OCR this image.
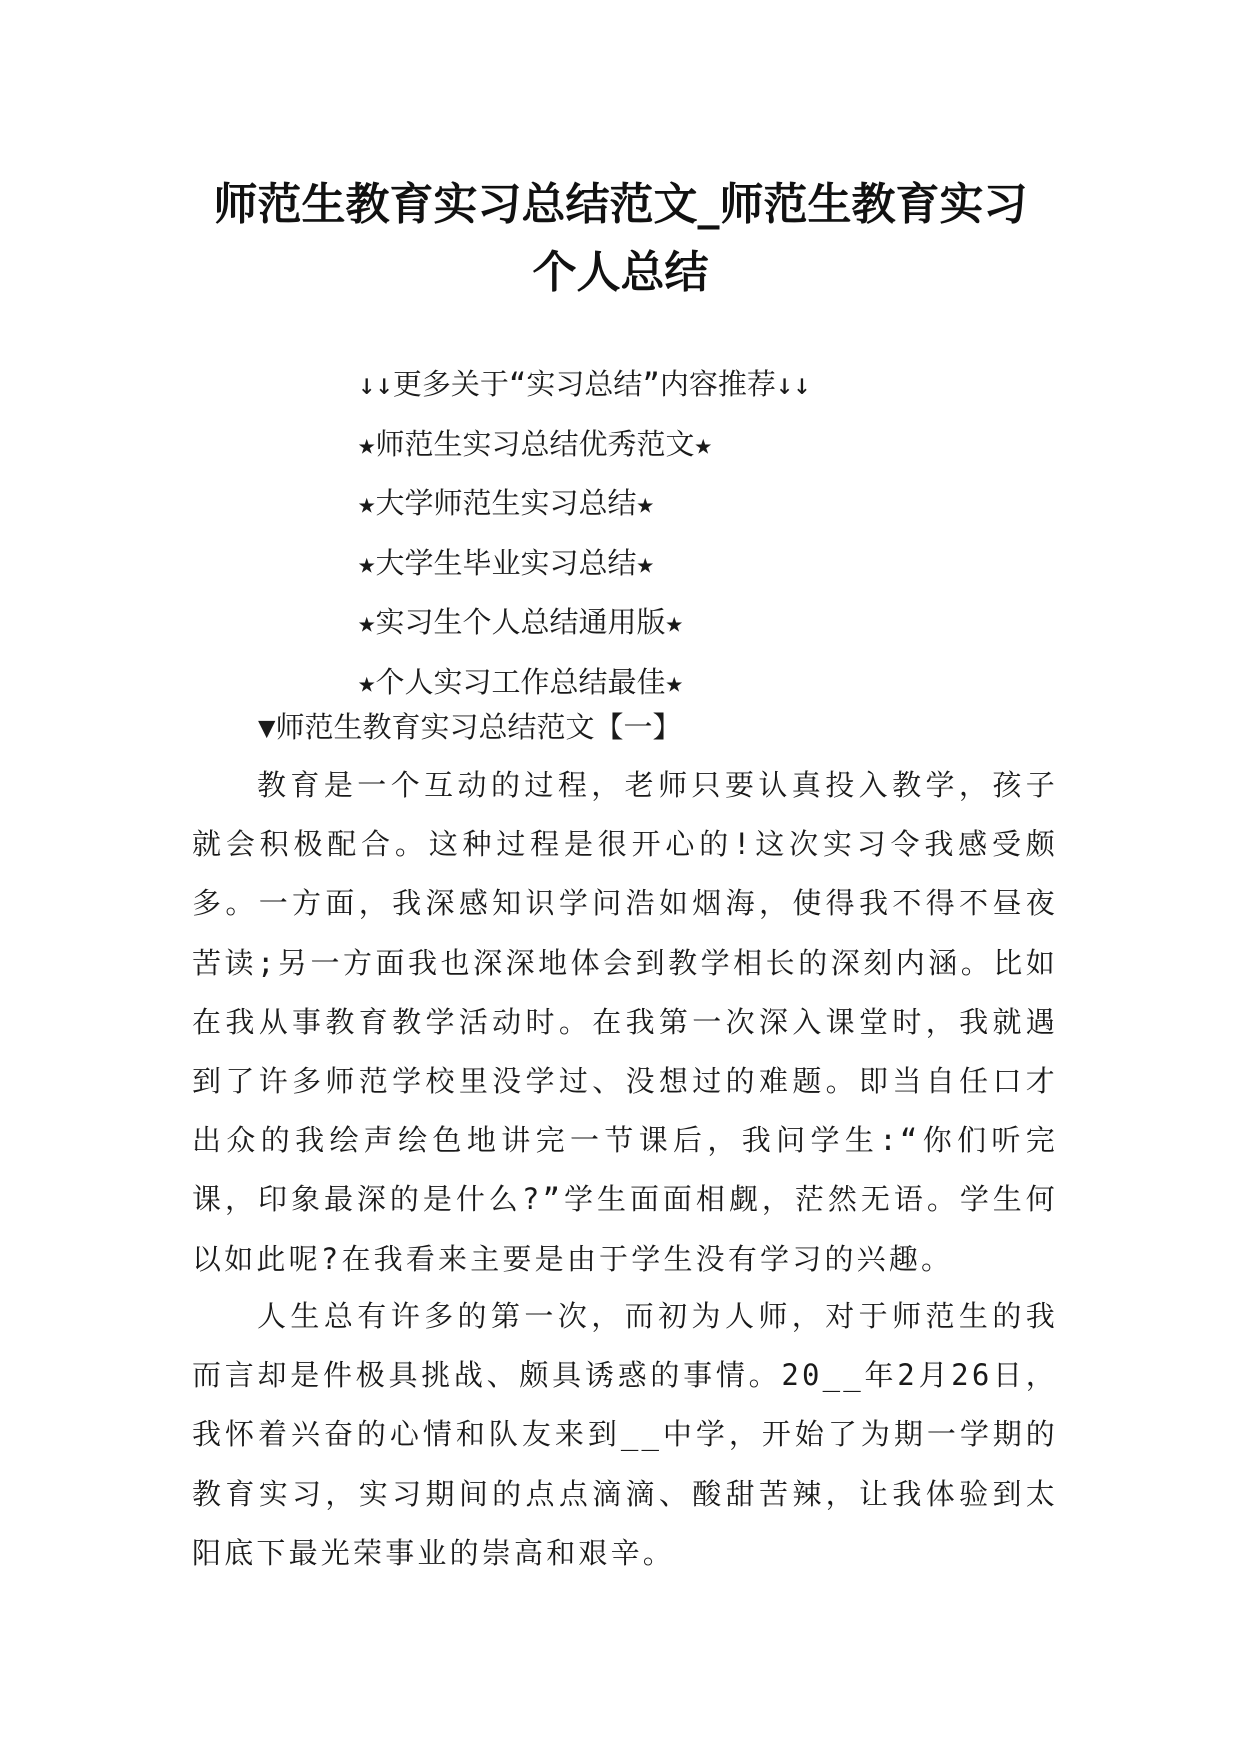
师范生教育实习总结范文_师范生教育实习
个人总结
↓↓更多关于“实习总结”内容推荐↓↓
★师范生实习总结优秀范文★
★大学师范生实习总结★
★大学生毕业实习总结★
★实习生个人总结通用版★
★个人实习工作总结最佳★
▼师范生教育实习总结范文【一】

教育是一个互动的过程，老师只要认真投入教学，孩子就会积极配合。这种过程是很开心的!这次实习令我感受颇多。一方面，我深感知识学问浩如烟海，使得我不得不昼夜苦读;另一方面我也深深地体会到教学相长的深刻内涵。比如在我从事教育教学活动时。在我第一次深入课堂时，我就遇到了许多师范学校里没学过、没想过的难题。即当自任口才出众的我绘声绘色地讲完一节课后，我问学生:“你们听完课，印象最深的是什么?”学生面面相觑，茫然无语。学生何以如此呢?在我看来主要是由于学生没有学习的兴趣。

人生总有许多的第一次，而初为人师，对于师范生的我而言却是件极具挑战、颇具诱惑的事情。20__年2月26日，我怀着兴奋的心情和队友来到__中学，开始了为期一学期的教育实习，实习期间的点点滴滴、酸甜苦辣，让我体验到太阳底下最光荣事业的崇高和艰辛。
